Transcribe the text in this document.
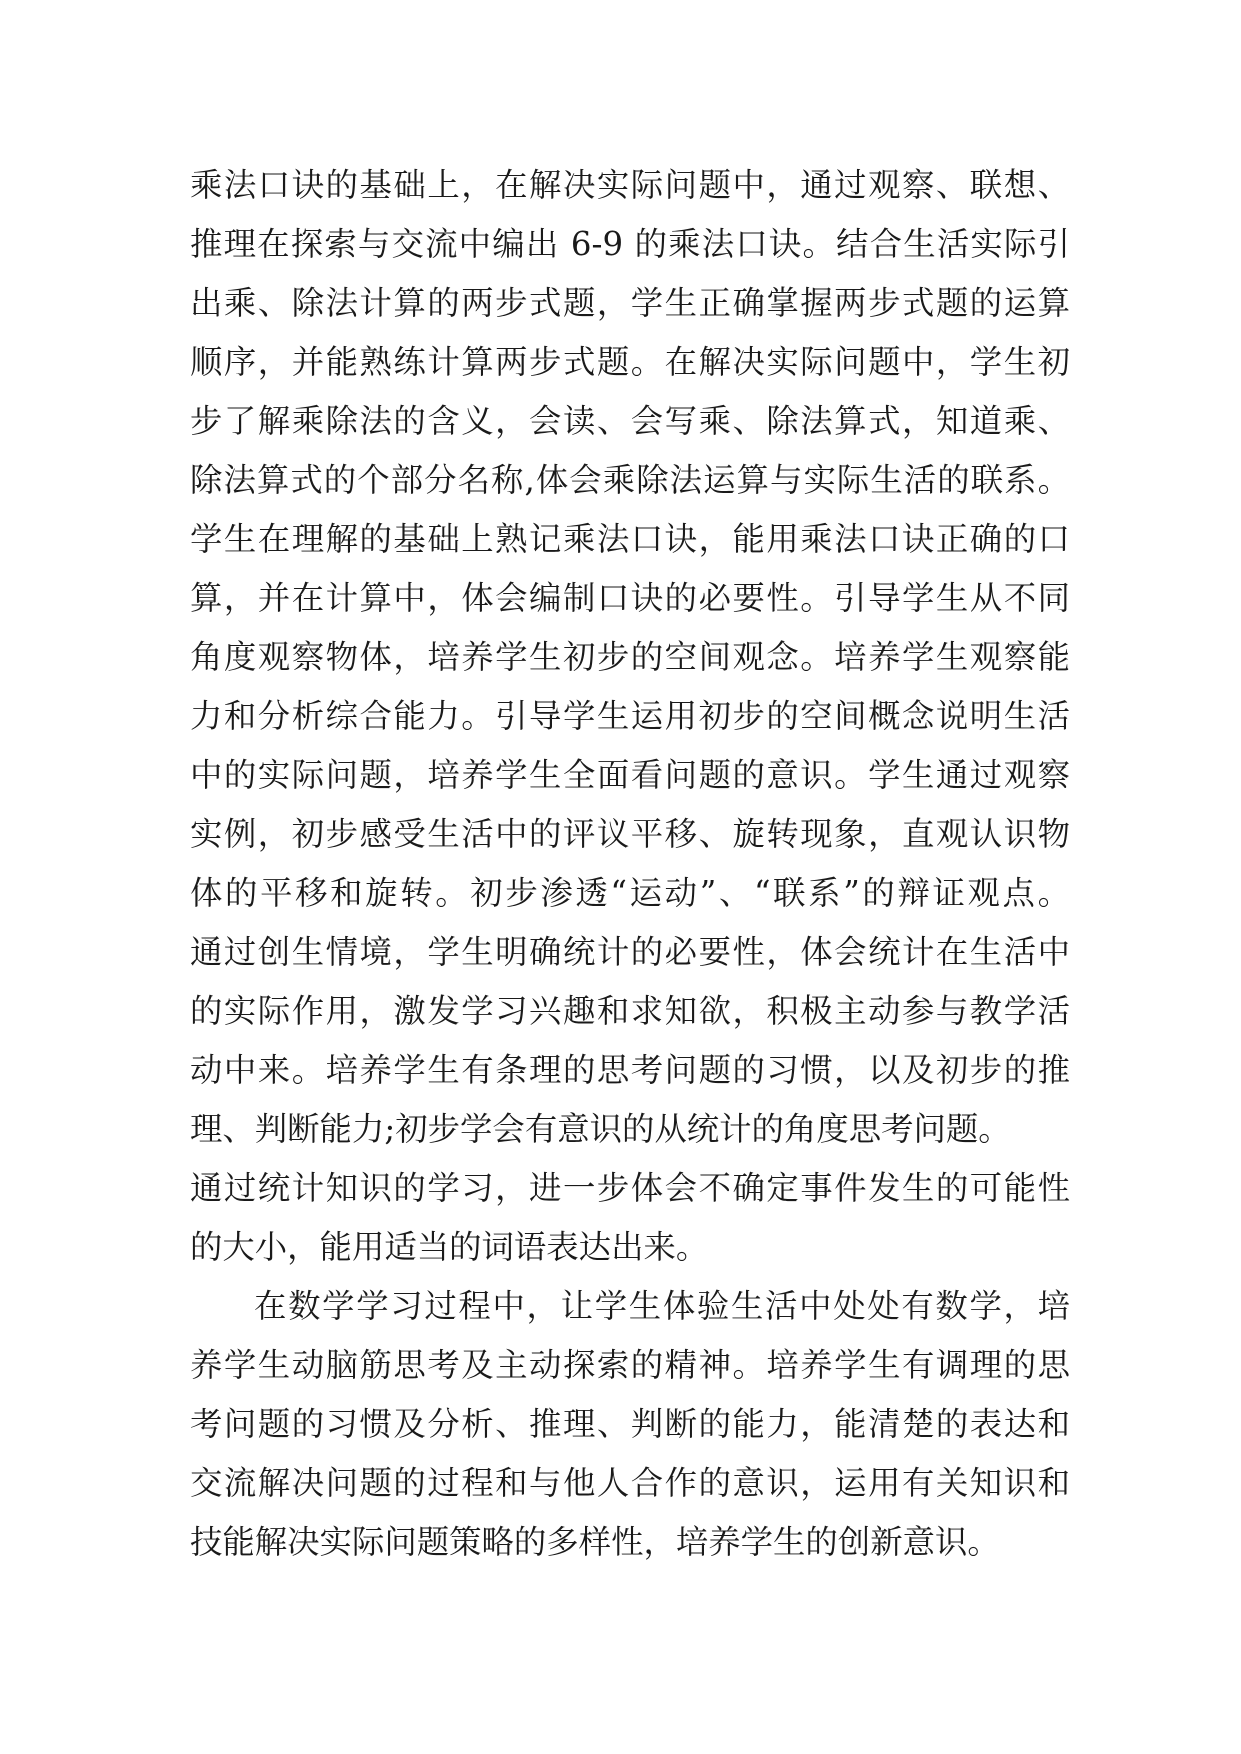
乘法口诀的基础上，在解决实际问题中，通过观察、联想、
推理在探索与交流中编出 6-9 的乘法口诀。结合生活实际引
出乘、除法计算的两步式题，学生正确掌握两步式题的运算
顺序，并能熟练计算两步式题。在解决实际问题中，学生初
步了解乘除法的含义，会读、会写乘、除法算式，知道乘、
除法算式的个部分名称,体会乘除法运算与实际生活的联系。
学生在理解的基础上熟记乘法口诀，能用乘法口诀正确的口
算，并在计算中，体会编制口诀的必要性。引导学生从不同
角度观察物体，培养学生初步的空间观念。培养学生观察能
力和分析综合能力。引导学生运用初步的空间概念说明生活
中的实际问题，培养学生全面看问题的意识。学生通过观察
实例，初步感受生活中的评议平移、旋转现象，直观认识物
体的平移和旋转。初步渗透“运动”、“联系”的辩证观点。
通过创生情境，学生明确统计的必要性，体会统计在生活中
的实际作用，激发学习兴趣和求知欲，积极主动参与教学活
动中来。培养学生有条理的思考问题的习惯，以及初步的推
理、判断能力;初步学会有意识的从统计的角度思考问题。
通过统计知识的学习，进一步体会不确定事件发生的可能性
的大小，能用适当的词语表达出来。
在数学学习过程中，让学生体验生活中处处有数学，培
养学生动脑筋思考及主动探索的精神。培养学生有调理的思
考问题的习惯及分析、推理、判断的能力，能清楚的表达和
交流解决问题的过程和与他人合作的意识，运用有关知识和
技能解决实际问题策略的多样性，培养学生的创新意识。
